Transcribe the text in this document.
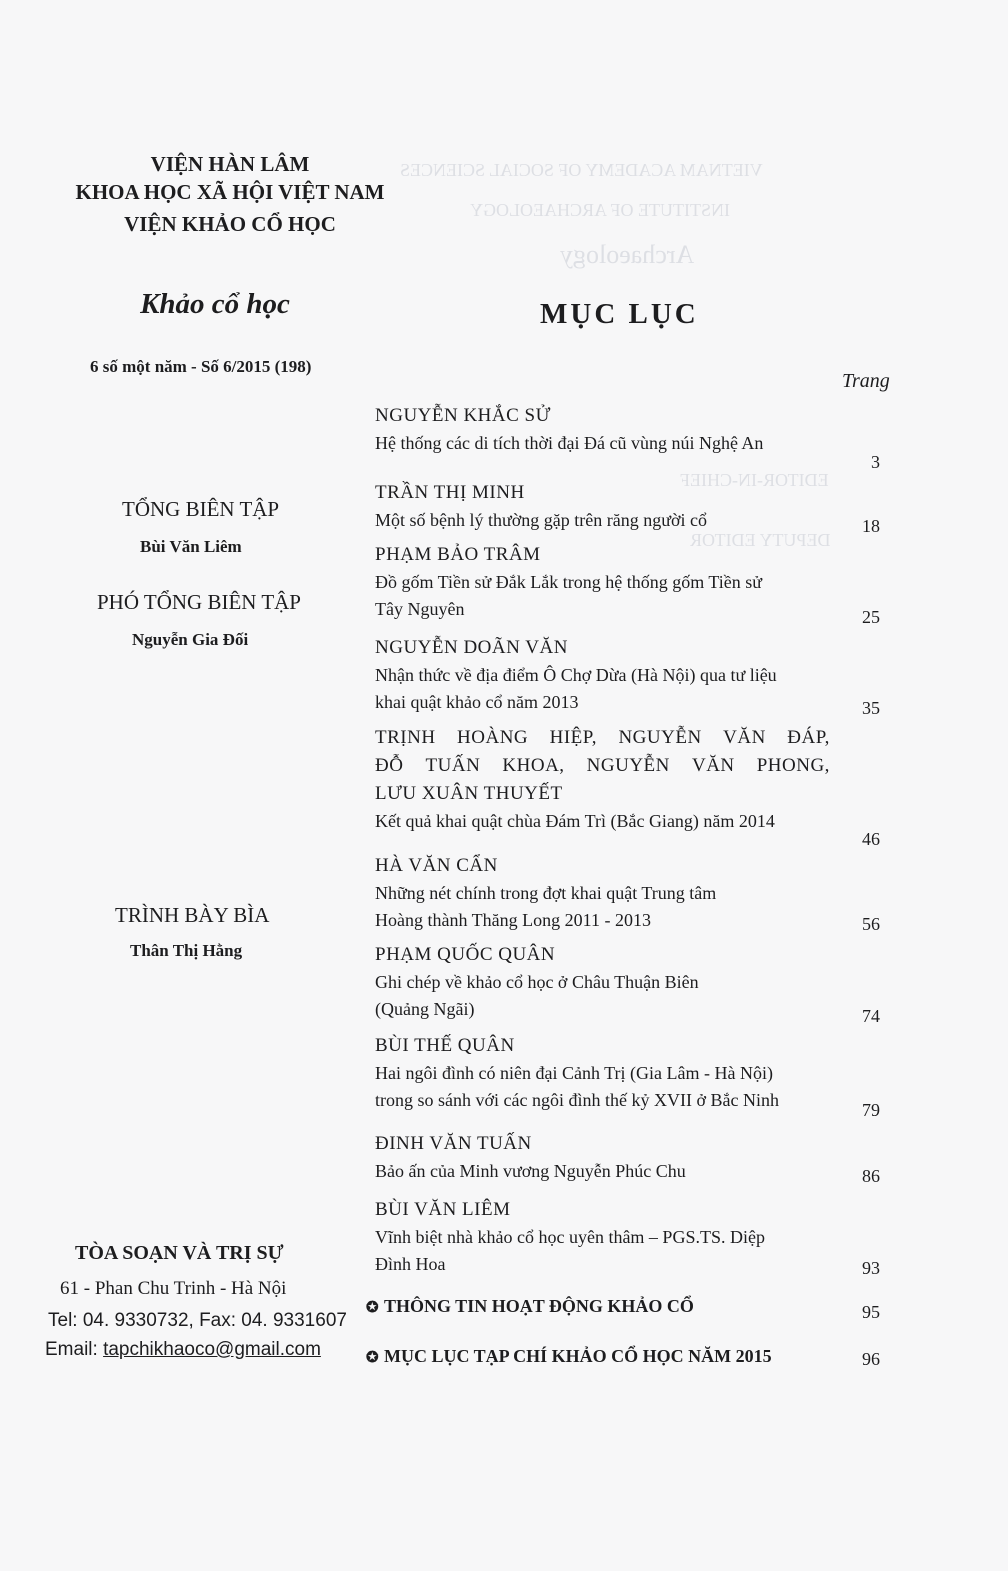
VIETNAM ACADEMY OF SOCIAL SCIENCES
INSTITUTE OF ARCHAEOLOGY
Archaeology
EDITOR-IN-CHIEF
DEPUTY EDITOR
VIỆN HÀN LÂM
KHOA HỌC XÃ HỘI VIỆT NAM
VIỆN KHẢO CỔ HỌC
Khảo cổ học
6 số một năm - Số 6/2015 (198)
MỤC LỤC
Trang
TỔNG BIÊN TẬP
Bùi Văn Liêm
PHÓ TỔNG BIÊN TẬP
Nguyễn Gia Đối
TRÌNH BÀY BÌA
Thân Thị Hằng
TÒA SOẠN VÀ TRỊ SỰ
61 - Phan Chu Trinh - Hà Nội
Tel: 04. 9330732, Fax: 04. 9331607
Email: tapchikhaoco@gmail.com
NGUYỄN KHẮC SỬ
Hệ thống các di tích thời đại Đá cũ vùng núi Nghệ An
3
TRẦN THỊ MINH
Một số bệnh lý thường gặp trên răng người cổ	18
PHẠM BẢO TRÂM
Đồ gốm Tiền sử Đắk Lắk trong hệ thống gốm Tiền sử
Tây Nguyên	25
NGUYỄN DOÃN VĂN
Nhận thức về địa điểm Ô Chợ Dừa (Hà Nội) qua tư liệu
khai quật khảo cổ năm 2013	35
TRỊNH HOÀNG HIỆP, NGUYỄN VĂN ĐÁP,
ĐỖ TUẤN KHOA, NGUYỄN VĂN PHONG,
LƯU XUÂN THUYẾT
Kết quả khai quật chùa Đám Trì (Bắc Giang) năm 2014
46
HÀ VĂN CẨN
Những nét chính trong đợt khai quật Trung tâm
Hoàng thành Thăng Long 2011 - 2013	56
PHẠM QUỐC QUÂN
Ghi chép về khảo cổ học ở Châu Thuận Biên
(Quảng Ngãi)	74
BÙI THẾ QUÂN
Hai ngôi đình có niên đại Cảnh Trị (Gia Lâm - Hà Nội)
trong so sánh với các ngôi đình thế kỷ XVII ở Bắc Ninh	79
ĐINH VĂN TUẤN
Bảo ấn của Minh vương Nguyễn Phúc Chu	86
BÙI VĂN LIÊM
Vĩnh biệt nhà khảo cổ học uyên thâm – PGS.TS. Diệp
Đình Hoa	93
✪ THÔNG TIN HOẠT ĐỘNG KHẢO CỔ	95
✪ MỤC LỤC TẠP CHÍ KHẢO CỔ HỌC NĂM 2015	96
